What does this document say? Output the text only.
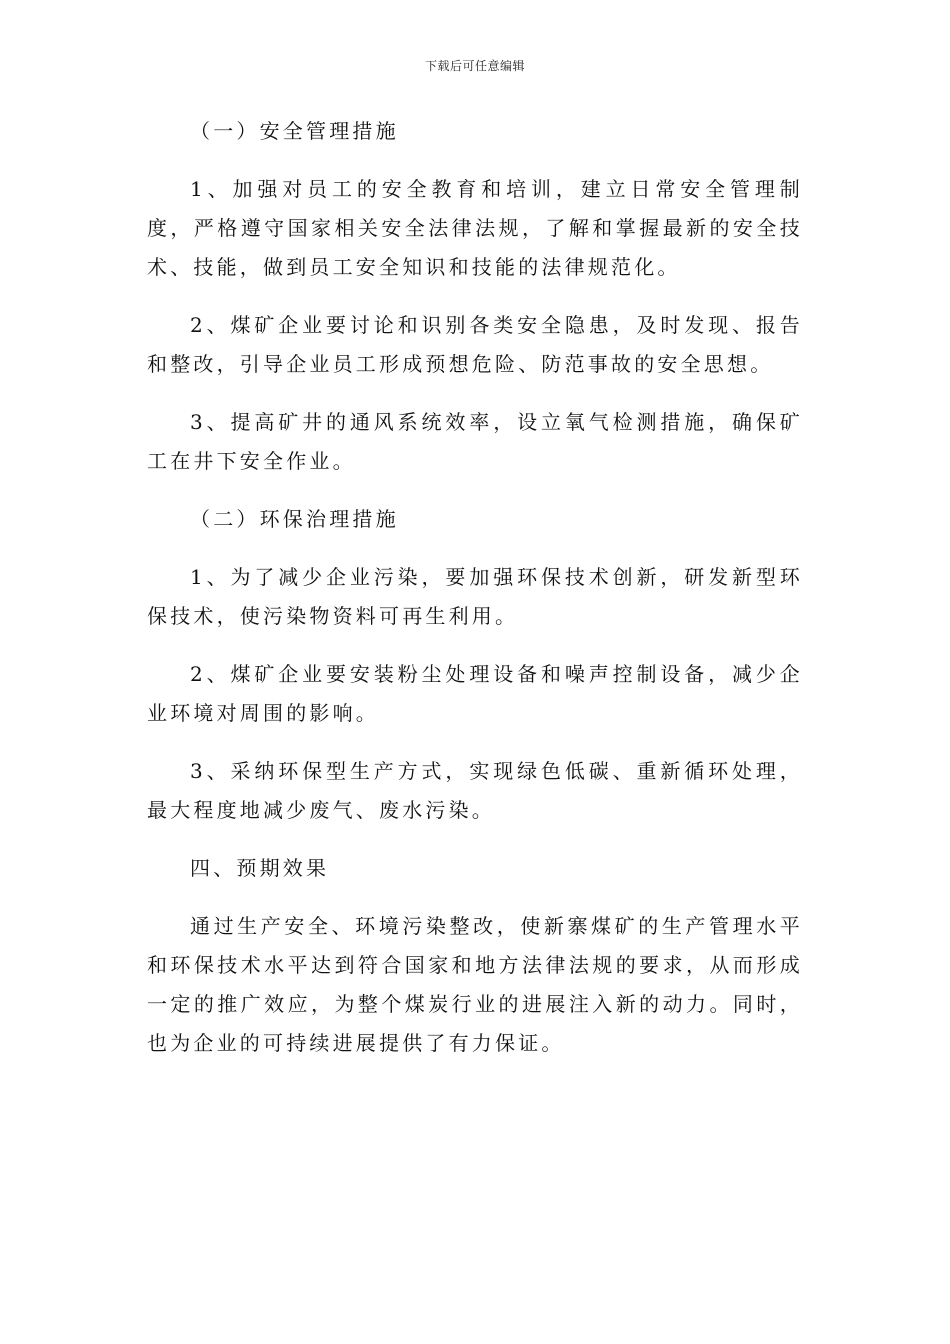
下载后可任意编辑

（一）安全管理措施

1、加强对员工的安全教育和培训，建立日常安全管理制度，严格遵守国家相关安全法律法规，了解和掌握最新的安全技术、技能，做到员工安全知识和技能的法律规范化。

2、煤矿企业要讨论和识别各类安全隐患，及时发现、报告和整改，引导企业员工形成预想危险、防范事故的安全思想。

3、提高矿井的通风系统效率，设立氧气检测措施，确保矿工在井下安全作业。

（二）环保治理措施

1、为了减少企业污染，要加强环保技术创新，研发新型环保技术，使污染物资料可再生利用。

2、煤矿企业要安装粉尘处理设备和噪声控制设备，减少企业环境对周围的影响。

3、采纳环保型生产方式，实现绿色低碳、重新循环处理，最大程度地减少废气、废水污染。

四、预期效果

通过生产安全、环境污染整改，使新寨煤矿的生产管理水平和环保技术水平达到符合国家和地方法律法规的要求，从而形成一定的推广效应，为整个煤炭行业的进展注入新的动力。同时，也为企业的可持续进展提供了有力保证。
